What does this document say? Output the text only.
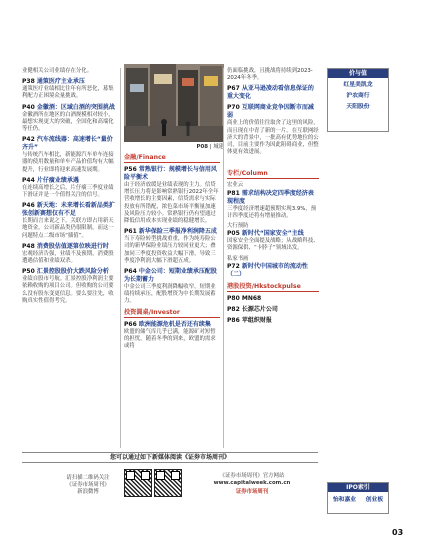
业健相关公司业绩存在分化。
P38 通策医疗主业承压
通策医疗业绩相比往年有所恶化，募集利配力正困境众量挑战。
P40 金徽酒：区域白酒的突围挑战
金徽酒所在地区的白酒规模相对较小，最想实现更大的突破，全国化和高端化等任仍。
P42 汽车流线器：高速增长“量价齐升”
与传统汽车相比，新能源汽车单车连接器的使用数量和单车产品价值均有大幅提升，行业即将迎来高速发展期。
P44 片仔癀业绩承遇
在连续高增长之后，片仔癀三季度业绩下滑证并是一个值得关注的信号。
P46 新天地：未来增长看新品类扩张创新赛想仅有不足
长期而言来说之下，关联方即占用新天地资金，公司新品类仍很限制，而这一问题特点二级市场“插值”。
P48 消费股估值逐第位映进行时
宏观经济告强，业绩不及预期，消费股遭遇估值和业绩双杀。
P50 汇景控股股价大跌风险分析
业绩自股市号航。汇景控股净利润主要依赖收购的项目公司。但收购的公司要么没有股东变更信息。要么要注先，收购真实性值得考究。
P08 | 城建
金融/Finance
P56 常熟银行：规模增长与信用风险平衡术
由于经济放缓是业绩表现的主力。信贷增长压力将是影响常熟银行2022年全年营收增长的主要因素，信贷需求与实际投放有所错配，浓色菜市场平衡量加速及风险压力较小。常熟银行仍有望通过降低信用成本实现业绩的稳健增长。
P61 新华保险三季报净利润降五成
当下寿险转型挑战重重，作为纯寿险公司的新华保险业绩压力较同业更大；叠加同三季度投资收益大幅下滑，导致三季度净利润大幅下滑超五成。
P64 中金公司：短期业绩承压配股为长期蓄力
中金公司三季度利润降幅收窄，短期业绩持续承压，配股增资为中长期发展蓄力。
投资圆桌/Investor
P66 欧洲能源危机是否还有续集
欧盟的储气库几乎已满，能源矿对短暂的担忧，随着冬季的到来，欧盟的需求或将
仍面临挑战，且挑战将持续到2023-2024年冬季。
P67 从亚马逊凌动看信息保证的重大变化
P70 互联网商业竞争因断市而减弱
商业上的价值往往取舍了这里的风险，而且现在中青了新的一片。在互联网经济大的背景中，一批高有优势地位的公司，目前主要作为因此阻碍商业，但整体更有效进展。
专栏/Column
宏业云
P81 需求结构决定四季度经济表现程度
三季度经济增速超预期实现3.9%，预计四季度还将有增量推动。
大行预防
P05 新时代“国家安全”主线
国家安全全面提及战略；从战略科技、资源保供、“卡脖子”领域出发。
私家书画
P72 新时代中国城市的流动性（二）
港股投资/Hkstockpulse
P80 MN68
P82 长源芯片公司
P86 苹组织财报
价与值
红星美凯龙
沪农商行
天阳股份
IPO索引
怡和嘉业 创业板
您可以通过如下新媒体阅读《证券市场周刊》
请扫描二维码关注
《证券市场周刊》
新浪微博
《证券市场周刊》官方网站
www.capitalweek.com.cn
证券市场周刊
03
